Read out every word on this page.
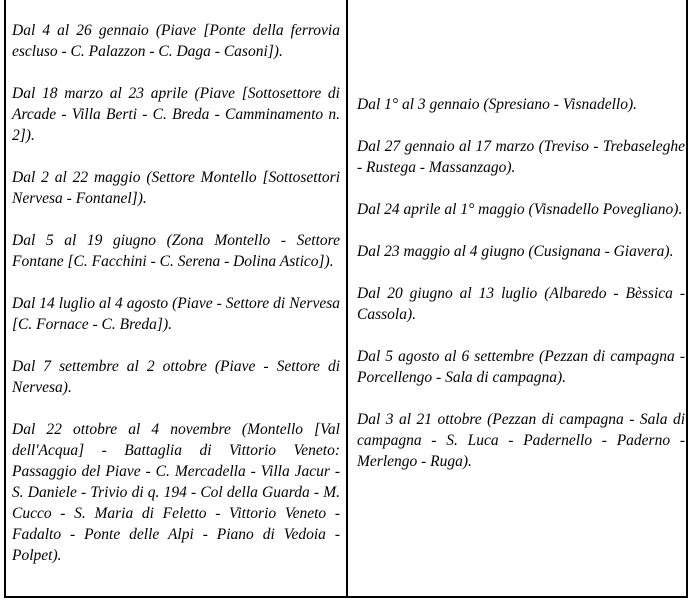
Dal 4 al 26 gennaio (Piave [Ponte della ferrovia escluso - C. Palazzon - C. Daga - Casoni]).

Dal 18 marzo al 23 aprile (Piave [Sottosettore di Arcade - Villa Berti - C. Breda - Camminamento n. 2]).

Dal 2 al 22 maggio (Settore Montello [Sottosettori Nervesa - Fontanel]).

Dal 5 al 19 giugno (Zona Montello - Settore Fontane [C. Facchini - C. Serena - Dolina Astico]).

Dal 14 luglio al 4 agosto (Piave - Settore di Nervesa [C. Fornace - C. Breda]).

Dal 7 settembre al 2 ottobre (Piave - Settore di Nervesa).

Dal 22 ottobre al 4 novembre (Montello [Val dell'Acqua] - Battaglia di Vittorio Veneto: Passaggio del Piave - C. Mercadella - Villa Jacur - S. Daniele - Trivio di q. 194 - Col della Guarda - M. Cucco - S. Maria di Feletto - Vittorio Veneto - Fadalto - Ponte delle Alpi - Piano di Vedoia - Polpet).

Dal 1° al 3 gennaio (Spresiano - Visnadello).

Dal 27 gennaio al 17 marzo (Treviso - Trebaseleghe - Rustega - Massanzago).

Dal 24 aprile al 1° maggio (Visnadello Povegliano).

Dal 23 maggio al 4 giugno (Cusignana - Giavera).

Dal 20 giugno al 13 luglio (Albaredo - Bèssica - Cassola).

Dal 5 agosto al 6 settembre (Pezzan di campagna - Porcellengo - Sala di campagna).

Dal 3 al 21 ottobre (Pezzan di campagna - Sala di campagna - S. Luca - Padernello - Paderno - Merlengo - Ruga).
